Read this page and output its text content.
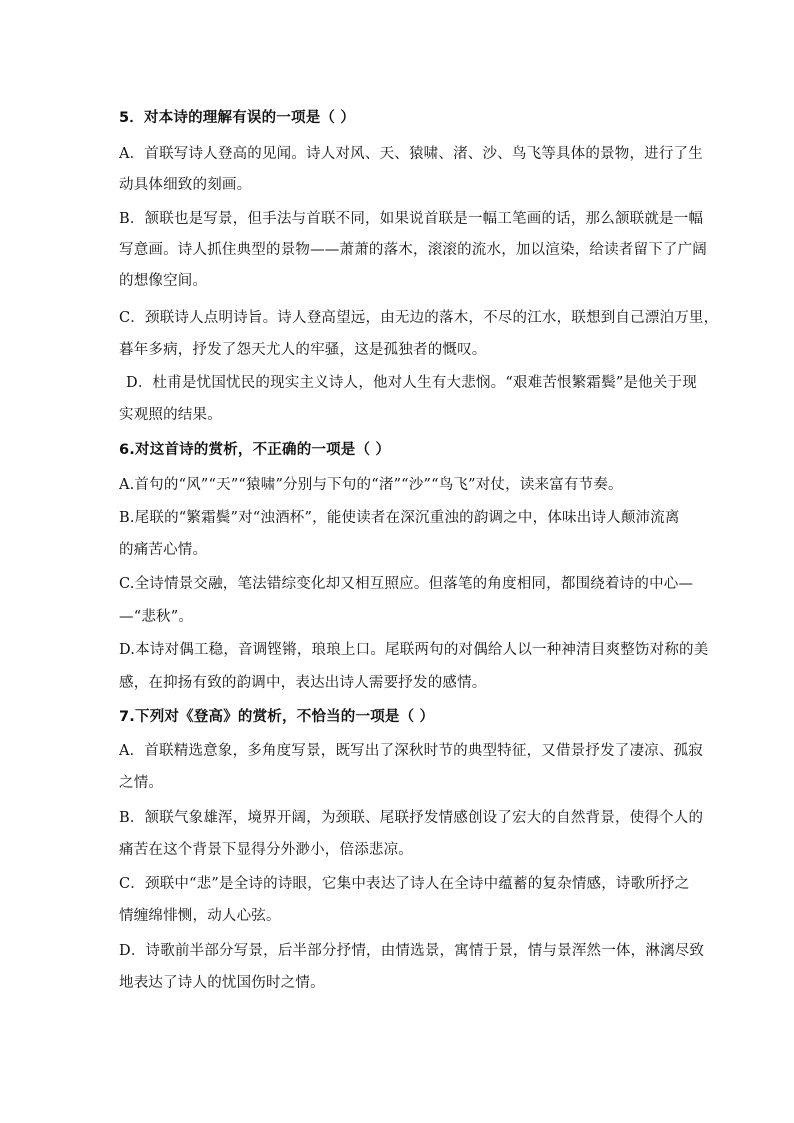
5．对本诗的理解有误的一项是（ ）
A．首联写诗人登高的见闻。诗人对风、天、猿啸、渚、沙、鸟飞等具体的景物，进行了生
动具体细致的刻画。
B．颔联也是写景，但手法与首联不同，如果说首联是一幅工笔画的话，那么颔联就是一幅
写意画。诗人抓住典型的景物——萧萧的落木，滚滚的流水，加以渲染，给读者留下了广阔
的想像空间。
C．颈联诗人点明诗旨。诗人登高望远，由无边的落木，不尽的江水，联想到自己漂泊万里，
暮年多病，抒发了怨天尤人的牢骚，这是孤独者的慨叹。
D．杜甫是忧国忧民的现实主义诗人，他对人生有大悲悯。“艰难苦恨繁霜鬓”是他关于现
实观照的结果。
6.对这首诗的赏析，不正确的一项是（ ）
A.首句的“风”“天”“猿啸”分别与下句的“渚”“沙”“鸟飞”对仗，读来富有节奏。
B.尾联的“繁霜鬓”对“浊酒杯”，能使读者在深沉重浊的韵调之中，体味出诗人颠沛流离
的痛苦心情。
C.全诗情景交融，笔法错综变化却又相互照应。但落笔的角度相同，都围绕着诗的中心—
—“悲秋”。
D.本诗对偶工稳，音调铿锵，琅琅上口。尾联两句的对偶给人以一种神清目爽整饬对称的美
感，在抑扬有致的韵调中，表达出诗人需要抒发的感情。
7.下列对《登高》的赏析，不恰当的一项是（ ）
A．首联精选意象，多角度写景，既写出了深秋时节的典型特征，又借景抒发了凄凉、孤寂
之情。
B．颔联气象雄浑，境界开阔，为颈联、尾联抒发情感创设了宏大的自然背景，使得个人的
痛苦在这个背景下显得分外渺小，倍添悲凉。
C．颈联中“悲”是全诗的诗眼，它集中表达了诗人在全诗中蕴蓄的复杂情感，诗歌所抒之
情缠绵悱恻，动人心弦。
D．诗歌前半部分写景，后半部分抒情，由情选景，寓情于景，情与景浑然一体，淋漓尽致
地表达了诗人的忧国伤时之情。
